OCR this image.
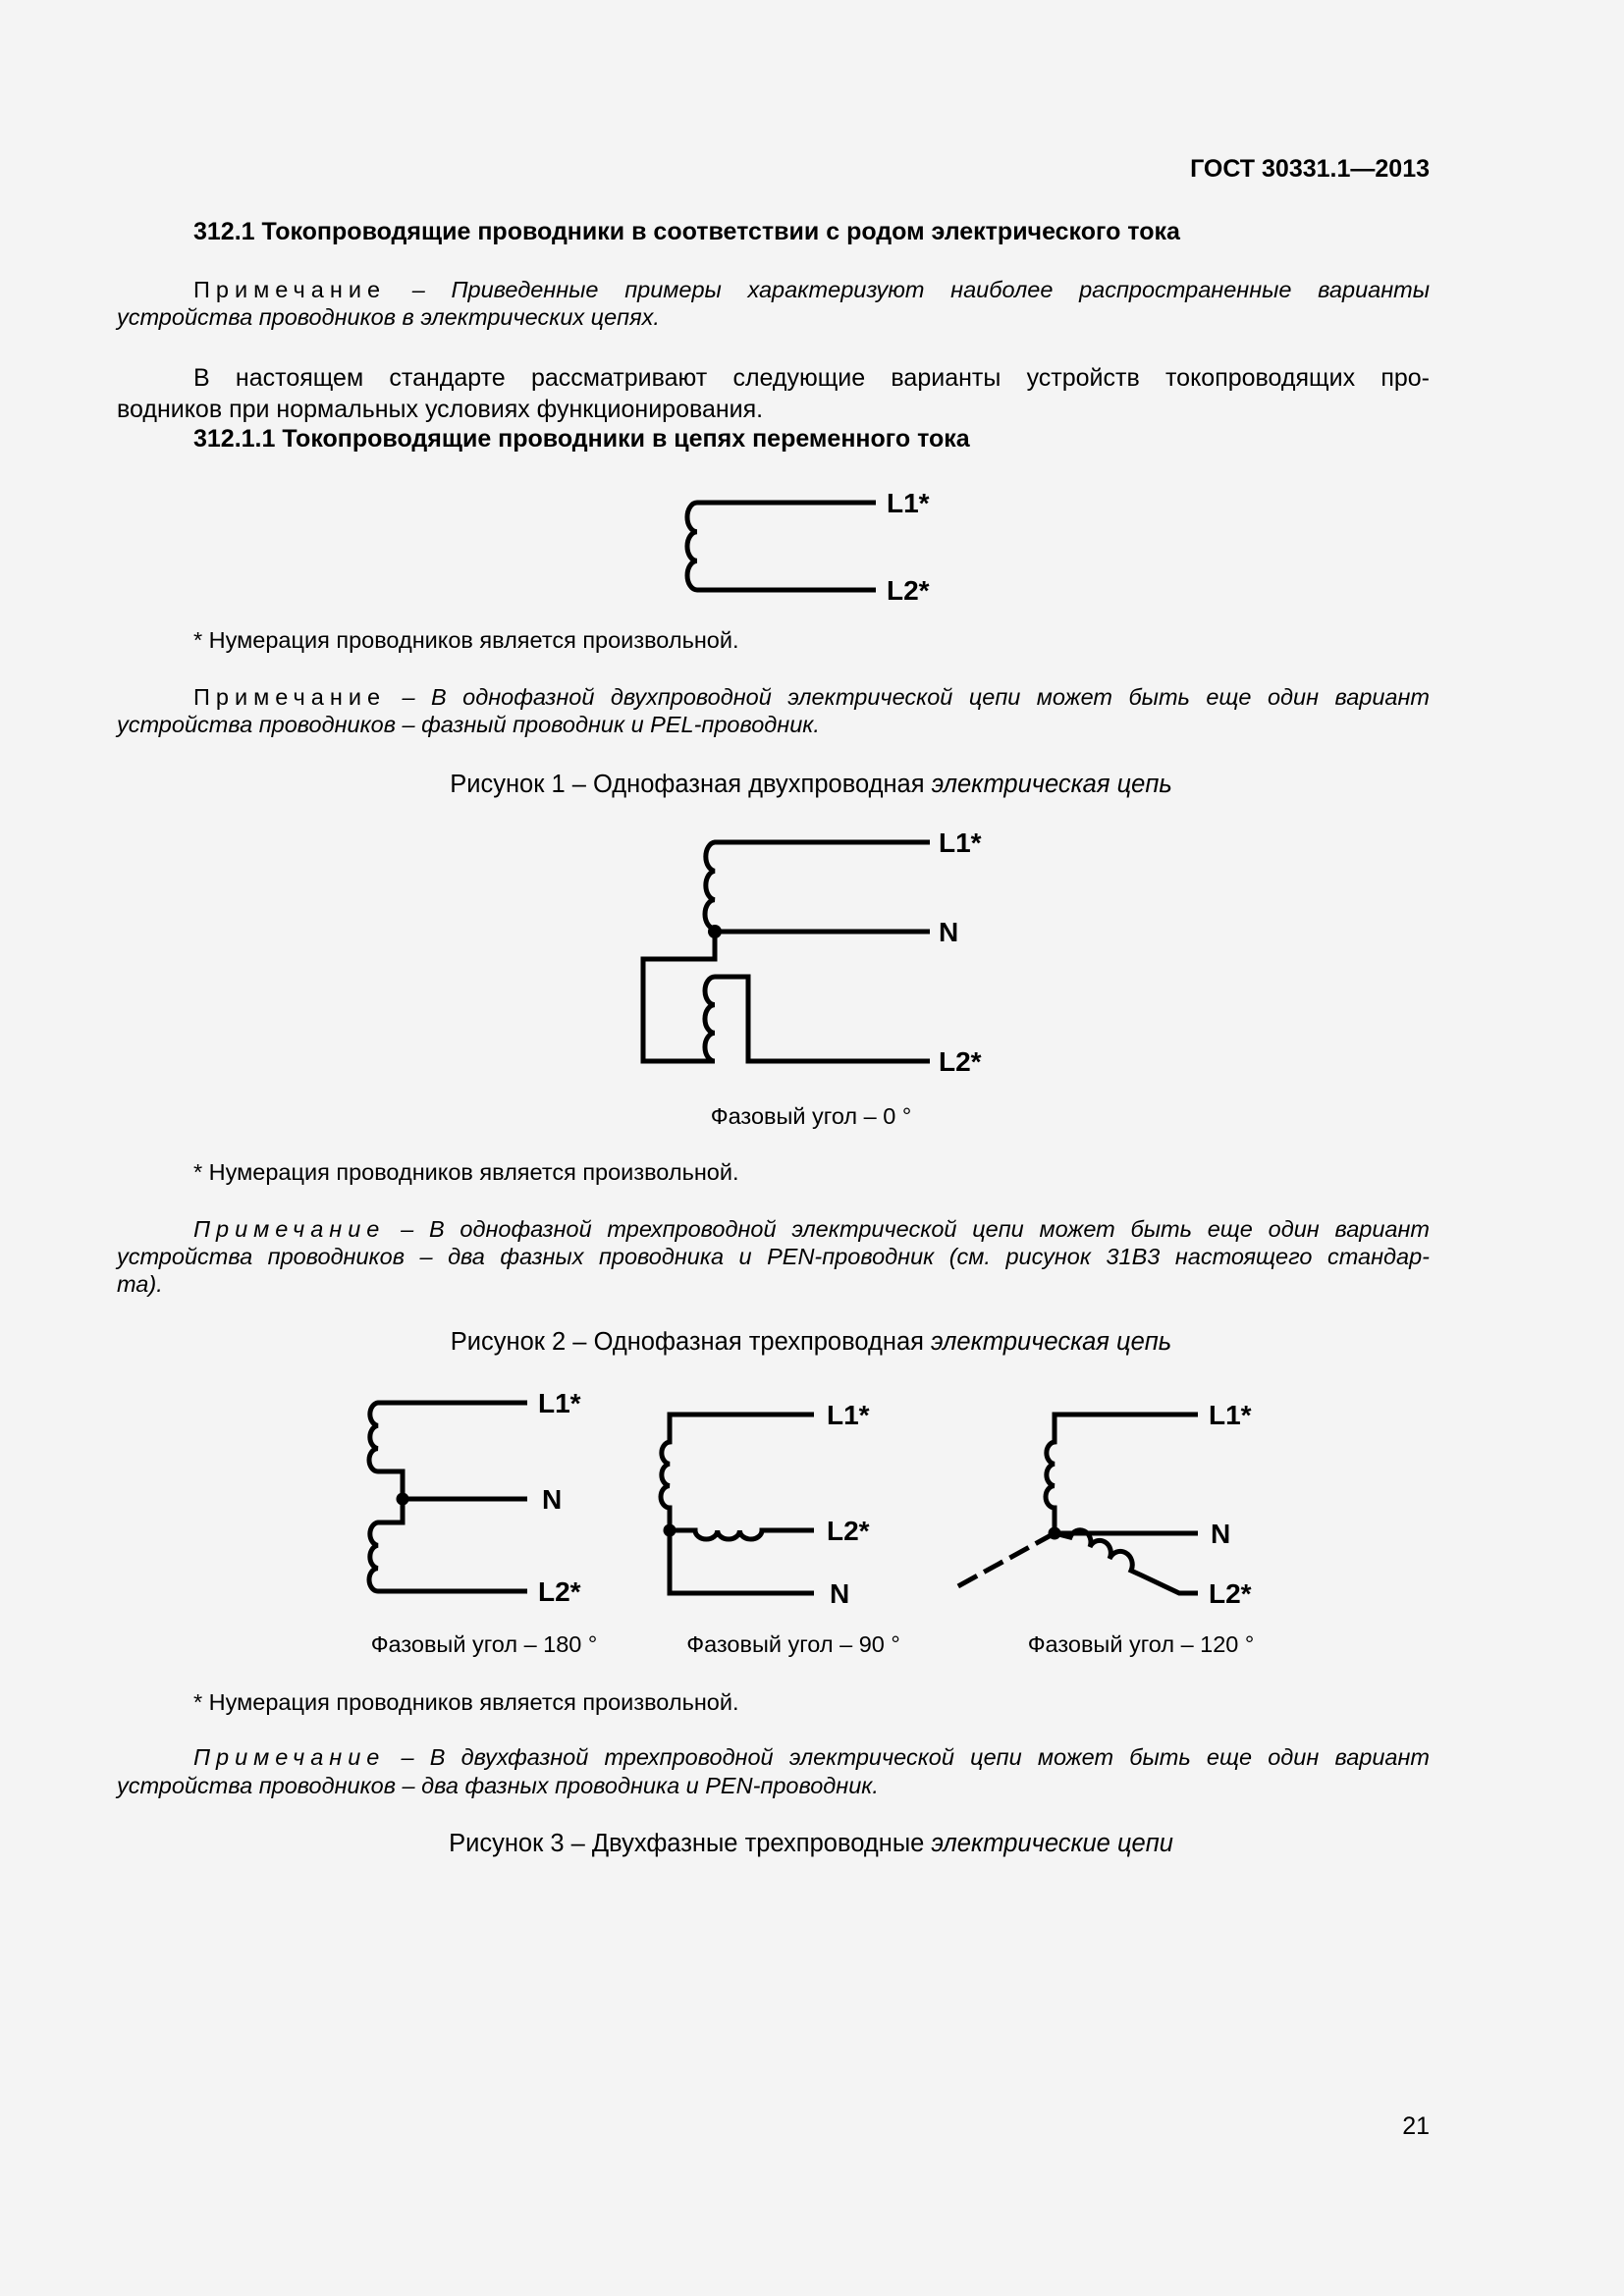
ГОСТ 30331.1—2013
312.1 Токопроводящие проводники в соответствии с родом электрического тока
Примечание – Приведенные примеры характеризуют наиболее распространенные варианты
устройства проводников в электрических цепях.
В настоящем стандарте рассматривают следующие варианты устройств токопроводящих про-
водников при нормальных условиях функционирования.
312.1.1 Токопроводящие проводники в цепях переменного тока
* Нумерация проводников является произвольной.
Примечание – В однофазной двухпроводной электрической цепи может быть еще один вариант
устройства проводников – фазный проводник и PEL-проводник.
Рисунок 1 – Однофазная двухпроводная электрическая цепь
Фазовый угол – 0 °
* Нумерация проводников является произвольной.
Примечание – В однофазной трехпроводной электрической цепи может быть еще один вариант
устройства проводников – два фазных проводника и PEN-проводник (см. рисунок 31B3 настоящего стандар-
та).
Рисунок 2 – Однофазная трехпроводная электрическая цепь
Фазовый угол – 180 °	Фазовый угол – 90 °	Фазовый угол – 120 °
* Нумерация проводников является произвольной.
Примечание – В двухфазной трехпроводной электрической цепи может быть еще один вариант
устройства проводников – два фазных проводника и PEN-проводник.
Рисунок 3 – Двухфазные трехпроводные электрические цепи
21
L1*
L2*
L1*
N
L2*
L1*
N
L2*
L1*
L2*
N
L1*
N
L2*
